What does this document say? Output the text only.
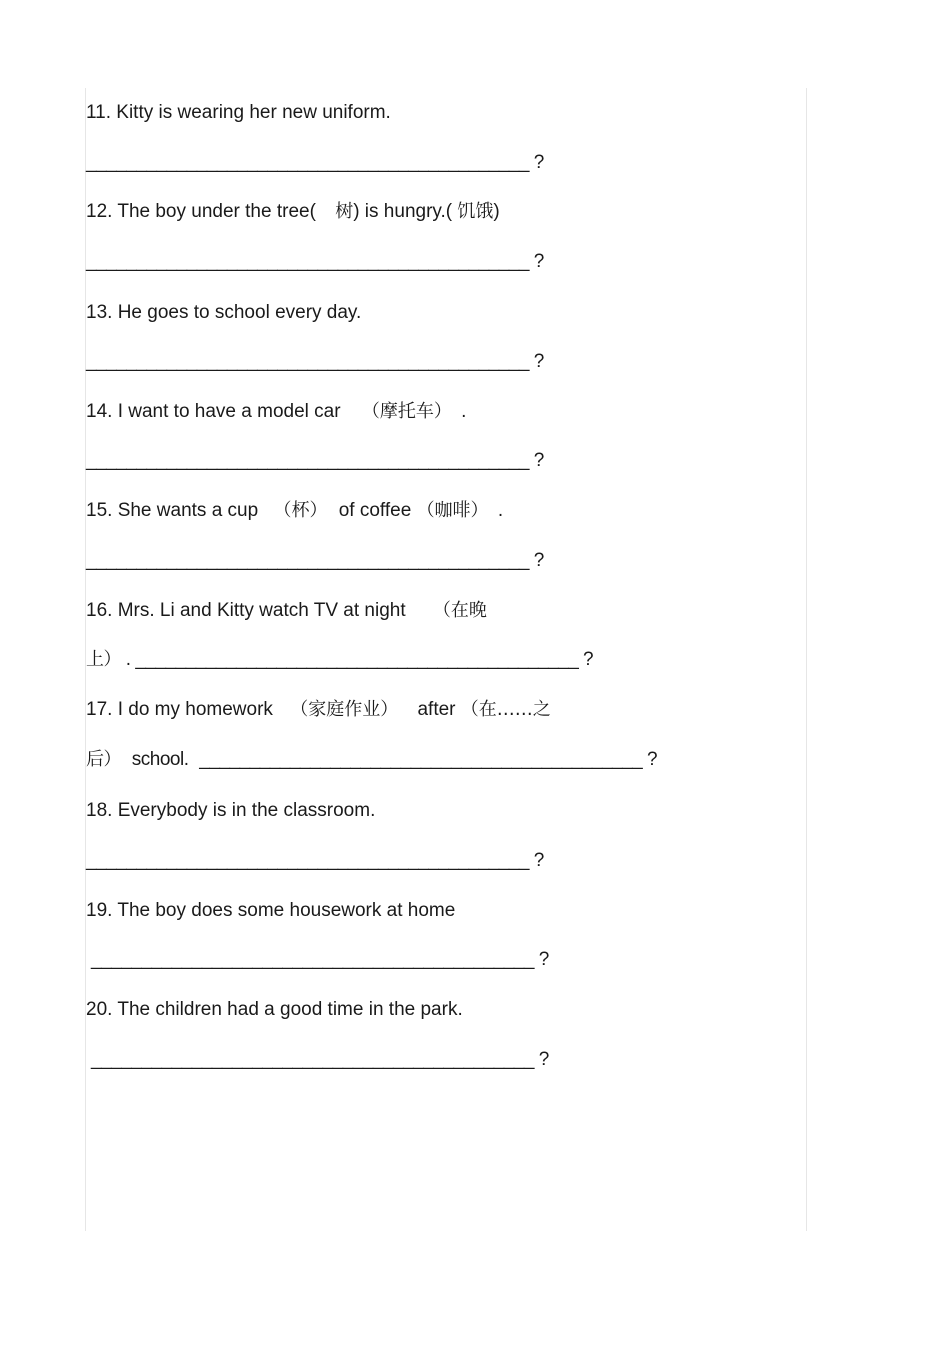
11. Kitty is wearing her new uniform.
____________________________________________ ?
12. The boy under the tree( 树) is hungry.( 饥饿)
____________________________________________ ?
13. He goes to school every day.
____________________________________________ ?
14. I want to have a model car （摩托车） .
____________________________________________ ?
15. She wants a cup （杯） of coffee （咖啡） .
____________________________________________ ?
16. Mrs. Li and Kitty watch TV at night （在晚
上） . ____________________________________________ ?
17. I do my homework （家庭作业） after （在……之
后） school. ____________________________________________ ?
18. Everybody is in the classroom.
____________________________________________ ?
19. The boy does some housework at home
____________________________________________ ?
20. The children had a good time in the park.
____________________________________________ ?
